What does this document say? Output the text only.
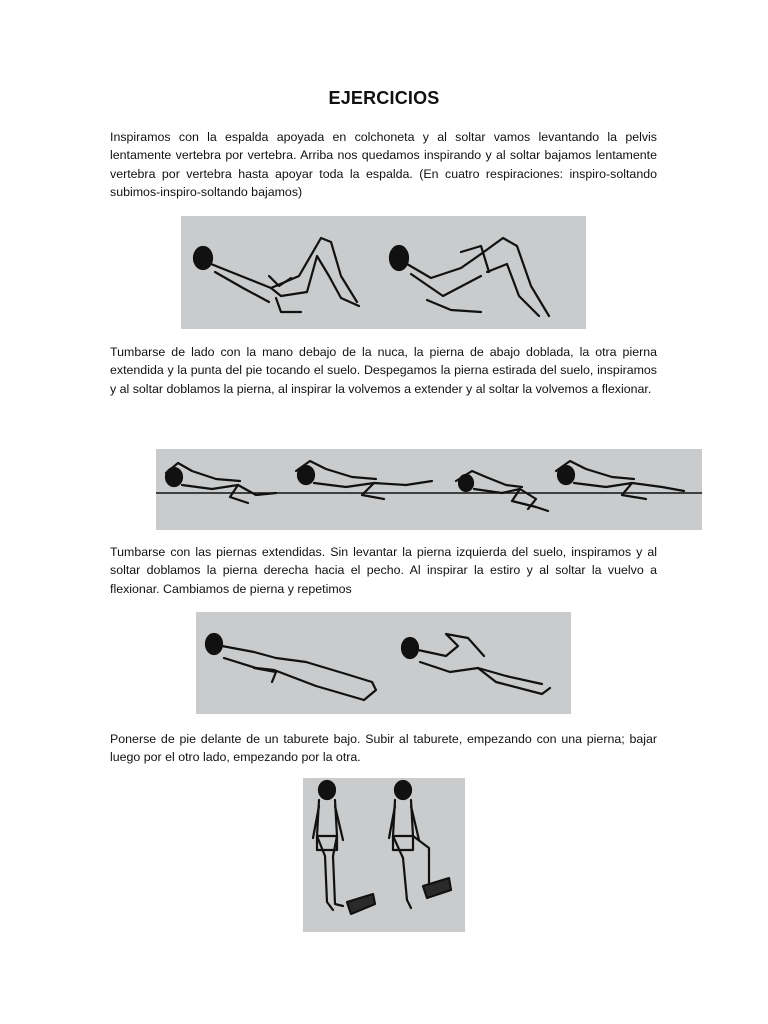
EJERCICIOS

Inspiramos con la espalda apoyada en colchoneta y al soltar vamos levantando la pelvis lentamente vertebra por vertebra. Arriba nos quedamos inspirando y al soltar bajamos lentamente vertebra por vertebra hasta apoyar toda la espalda. (En cuatro respiraciones: inspiro-soltando subimos-inspiro-soltando bajamos)

Tumbarse de lado con la mano debajo de la nuca, la pierna de abajo doblada, la otra pierna extendida y la punta del pie tocando el suelo. Despegamos la pierna estirada del suelo, inspiramos y al soltar doblamos la pierna, al inspirar la volvemos a extender y al soltar la volvemos a flexionar.

Tumbarse con las piernas extendidas. Sin levantar la pierna izquierda del suelo, inspiramos y al soltar doblamos la pierna derecha hacia el pecho. Al inspirar la estiro y al soltar la vuelvo a flexionar. Cambiamos de pierna y repetimos

Ponerse de pie delante de un taburete bajo. Subir al taburete, empezando con una pierna; bajar luego por el otro lado, empezando por la otra.
